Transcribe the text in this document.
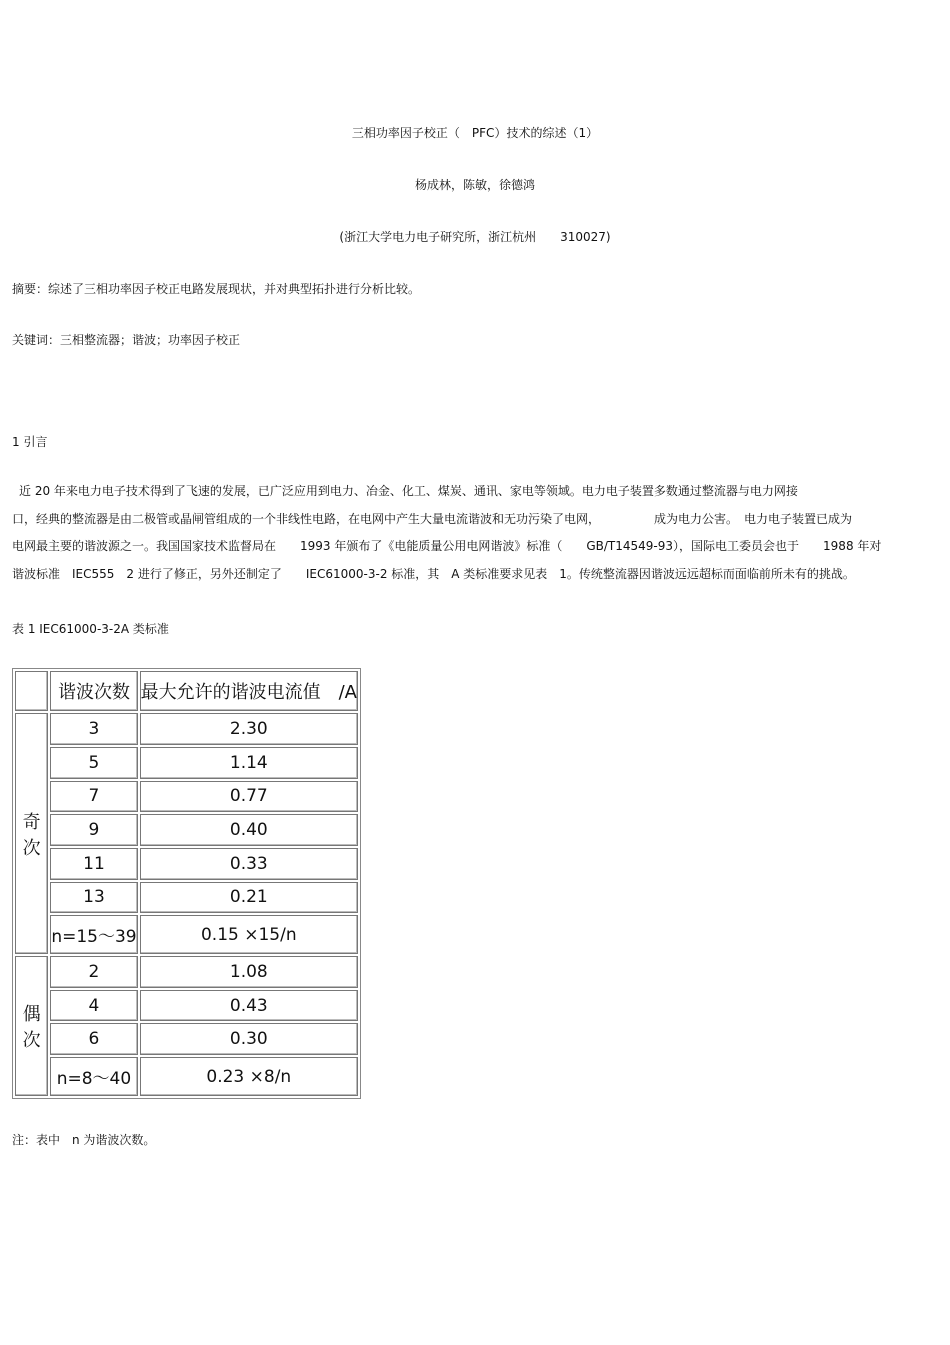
三相功率因子校正（　PFC）技术的综述（1）
杨成林，陈敏，徐德鸿
(浙江大学电力电子研究所，浙江杭州　　310027)
摘要：综述了三相功率因子校正电路发展现状，并对典型拓扑进行分析比较。
关键词：三相整流器；谐波；功率因子校正
1 引言
近 20 年来电力电子技术得到了飞速的发展，已广泛应用到电力、冶金、化工、煤炭、通讯、家电等领域。电力电子装置多数通过整流器与电力网接
口，经典的整流器是由二极管或晶闸管组成的一个非线性电路，在电网中产生大量电流谐波和无功污染了电网，　　　　　成为电力公害。　电力电子装置已成为
电网最主要的谐波源之一。我国国家技术监督局在　　1993 年颁布了《电能质量公用电网谐波》标准（　　GB/T14549-93），国际电工委员会也于　　1988 年对
谐波标准　IEC555　2 进行了修正，另外还制定了　　IEC61000-3-2 标准，其　A 类标准要求见表　1。传统整流器因谐波远远超标而面临前所未有的挑战。
表 1 IEC61000-3-2A 类标准
	谐波次数	最大允许的谐波电流值　/A
奇次	3	2.30
	5	1.14
	7	0.77
	9	0.40
	11	0.33
	13	0.21
	n=15～39	0.15 ×15/n
偶次	2	1.08
	4	0.43
	6	0.30
	n=8～40	0.23 ×8/n
注：表中　n 为谐波次数。
